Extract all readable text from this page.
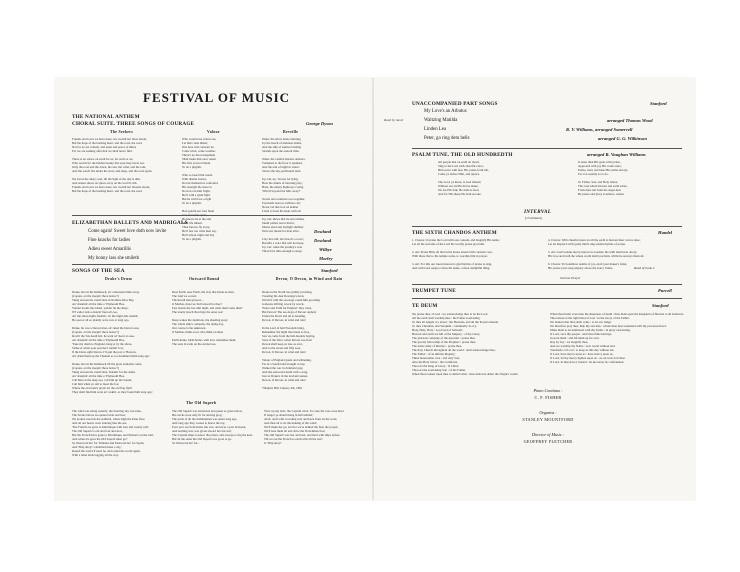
FESTIVAL OF MUSIC
THE NATIONAL ANTHEM
CHORAL SUITE. THREE SONGS OF COURAGE	George Dyson
The Seekers	Valour	Reveille
Friends and loves we have none, nor wealth nor blest abode,
But the hope of the burning heart, and the road, the road.
Not for us are content, and quiet and peace of mind,
For we are seeking after that we shall never find.

There is no solace on earth for us, for such as we,
Who search for the hidden beauty that eyes may never see.
Only the road and the dawn, the sun, the wind, and the rain,
And the watch fire under the stars, and sleep, and the road again.

We travel the dusty road, till the light of the day is dim,
And sunset shows us spires away on the world's rim.
Friends and loves we have none, nor wealth nor blessed abode,
But the hope of the burning heart, and the road, the road.
Who would true valour see,
Let him come hither;
One here will constant be,
Come wind, come weather.
There's no discouragement
Shall make him once relent
His first avowed intent
To be a pilgrim.

Who so beset him round
With dismal stories,
Do but themselves confound,
His strength the more is.
No lion can him fright,
He'll with a giant fight,
But he will have a right
To be a pilgrim.

Hob-goblin nor foul fiend
Can daunt his spirit;
He knows he at the end
Shall life inherit.
Then fancies fly away,
He'll fear not what men say,
He'll labour night and day
To be a pilgrim.
Wake: the silver dusk returning
Up the beach of darkness brims,
And the ship of sunrise burning
Strands upon the eastern rims.

Wake: the vaulted shadow shatters,
Trampled to the floor it spanned,
And the tent of night in tatters
Straws the sky-pavilioned land.

Up, lad, up, 'tis late for lying;
Hear the drums of morning play;
Hark, the empty highways crying
'Who'll beyond the hills away?'

Towns and countries woo together,
Forelands beacon, belfries call;
Never lad that trod on leather
Lived to feast his heart with all.

Up, lad: thews that lie and cumber
Sunlit pallets never thrive;
Morns abed and daylight slumber
Were not meant for man alive.

Clay lies still, but blood's a rover;
Breath's a ware that will not keep.
Up, lad: when the journey's over
There'll be time enough to sleep.
ELIZABETHAN BALLETS AND MADRIGALS
Come again! Sweet love doth now invite	Dowland
Fine knacks for ladies	Dowland
Adieu sweet Amarillis	Wilbye
My bonny lass she smileth	Morley
SONGS OF THE SEA	Stanford
Drake's Drum	Outward Bound	Devon, O Devon, in Wind and Rain
Drake, he's in his hammock, an' a thousand mile away,
(Capten, art tha sleepin' there below?)
Slung atween the round shot in Nombre Dios Bay,
An' dreamin' all the time o' Plymouth Hoe.
Yonder looms the island, yonder lie the ships,
Wi' sailor lads a-dancin' heel-an'-toe,
An' the shore-lights flashin', an' the night-tide dashin',
He sees et all so plainly as he saw et long ago.

Drake, he was a Devon man, an' ruled the Devon seas,
(Capten, art tha sleepin' there below?)
Rovin' tho' his death fell, he went wi' heart at ease,
An' dreamin' all the time o' Plymouth Hoe.
'Take my drum to England, hang et by the shore,
Strike et when your powder's runnin' low;
If the Dons sight Devon, I'll quit the port o' Heaven,
An' drum them up the Channel as we drummed them long ago.'

Drake, he's in his hammock till the great Armadas come,
(Capten, art tha sleepin' there below?)
Slung atween the round shot, listenin' for the drum,
An' dreamin' all the time o' Plymouth Hoe.
Call him on the deep sea, call him up the Sound,
Call him when ye sail to meet the foe;
Where the old trade's plyin' an' the old flag flyin'
They shall find him ware an' wakin', as they found him long ago!
Dear Earth, near Earth, the clay that made us men,
The land we sowed,
The hearth that glowed—
O Mother, must we bid farewell to thee?
Fast dawns the last dim night, and what shall come then?
The lonely beach that rings the outer sea!

Deep wakes the deathrole, the sheeting spray
The whole ship's company, the dying day,
Our course is the unknown.
O Mother, think on us who think on thee!

Earth-home, birth-home, with love remember them,
The sons in exile on the eternal sea.
Drake in the North Sea grimly prowling,
Treading his dear Revenge's deck,
Watch'd with the sea-dogs round him growling
Galleons drifting wreck by wreck.
'Fetter and Faith for Empire!' they cried,
But Devon! The sea-dogs of Devon replied;
Under the Devil and all as heading,
Devon, O Devon, in wind and rain!

In the Lord of hell Freedom bring,
Remember the night that made as free,
Saw us come from the hell-hounds baying,
Sons of the West, when Devon was free!
Devon shall keep us true as ever,
And to the seven and fifty seas,
Devon, O Devon, in wind and rain!

Valour of England gaunt and whitening,
Far in a South-land brought to bay,
Walked the war in Zululand gray,
And she answered death with a song,
Just as Drake's in the lowland sunset,
Devon, O Devon, in wind and rain!

*Majuba Hill, January 4th, 1881
The Old Superb
The wind was rising easterly, the morning sky was blue,
The Straits before us opened wide and free;
We looked towards the Admiral, where high the Peter flew,
And all our hearts were dancing like the sea.
'The French are gone to Martinique with four and twenty sail!
The Old Superb is old and foul and slow,
But the French have gone to Martinique, and Nelson's on the trail,
And where he goes the Old Superb must go!'
So Westward ho! for Trinidad and Eastward ho! for Spain,
And 'Ship ahoy!' a hundred times a day;
Round the world if need be, and round the world again,
With a lame duck lagging all the way.
The Old Superb was barnacled and green as grass below,
Her sticks were only fit for stirring grog;
The pride of all the midshipmen was silent long ago,
And long ago they ceased to heave the log.
Four year out from home she was, and ne'er a port between,
And nothing now was given aboard her but salt;
The Captain ships to know the prizes, and sweeps to dig the keel,
But all the same the Old Superb was good to go.
So Westward ho! for...
'Now up my lads,' the Captain cried, 'for sure the case were hard
If longer ye should hang in hell behind;'
Aloft, aloft with crowding sail, and back from on the ward,
And then all to do the making of the wind!
We'll make her go, and for we're behind the fleet the proper;
We'll beat them all and drive the Frenchman foul,
The Old Superb was last and best, and hard with ships before
Till we ran the French to earth with all the rest!
O 'Ship ahoy!'
UNACCOMPANIED PART SONGS	Stanford
Read by hand
My Love's an Arbutus
Waltzing Matilda	arranged Thomas Wood
Linden Lea	R. V. Williams, arranged Somervell
Peter, go ring dem bells	arranged G. G. Wilkinson
PSALM TUNE. THE OLD HUNDREDTH	arranged R. Vaughan Williams
All people that on earth do dwell,
Sing to the Lord with cheerful voice;
Him serve with fear, His praise forth tell,
Come ye before Him, and rejoice.

The Lord, ye know, is God indeed;
Without our aid He did us make;
We are His folk, He doth us feed,
And for His sheep He doth us take.
O enter then His gates with praise,
Approach with joy His courts unto;
Praise, laud, and bless His name always,
For it is seemly so to do.

To Father, Son, and Holy Ghost,
The God whom heaven and earth adore,
From men and from the angel-host
Be praise and glory evermore. Amen.
INTERVAL
(15 minutes)
THE SIXTH CHANDOS ANTHEM	Handel
1. Chorus: O praise the Lord with one consent, and magnify His name;
Let all the servants of the Lord his worthy praise proclaim.

2. Air: Praise Him, all that in his house attend with constant care,
With those that to his temple come, to worship him in prayer.

3. Air: For this our truest interest is glad hymns of praise to sing,
And with loud songs to bless his name, a most delightful thing.
4. Chorus: With cheerful notes let all the earth to heaven their voices raise;
Let all inspire'd with godly mirth sing solemn hymns of praise.

5. Air: God's tender mercy knows no bounds; his truth shall ne'er decay;
His love and truth the whole world shall proclaim, whilst he surveys them all.

6. Chorus: Ye boundless realms of joy, exalt your maker's fame;
His praise your song employ above the starry frame.	Read of book 2
Sermon Prayer
TRUMPET TUNE	Purcell
TE DEUM	Stanford
We praise thee, O God : we acknowledge thee to be the Lord.
All the earth doth worship thee : the Father everlasting.
To thee all Angels cry aloud : the Heavens, and all the Powers therein.
To thee Cherubin, and Seraphin : continually do cry,
Holy, Holy, Holy : Lord God of Sabaoth;
Heaven and earth are full of the Majesty : of thy Glory.
The glorious company of the Apostles : praise thee.
The goodly fellowship of the Prophets : praise thee.
The noble army of Martyrs : praise thee.
The holy Church throughout all the world : doth acknowledge thee;
The Father : of an infinite Majesty;
Thine honourable, true : and only Son;
Also the Holy Ghost : the Comforter.
Thou art the King of Glory : O Christ.
Thou art the everlasting Son : of the Father.
When thou tookest upon thee to deliver man : thou didst not abhor the Virgin's womb.
When thou hadst overcome the sharpness of death : thou didst open the Kingdom of Heaven to all believers.
Thou sittest at the right hand of God : in the Glory of the Father.
We believe that thou shalt come : to be our Judge.
We therefore pray thee, help thy servants : whom thou hast redeemed with thy precious blood.
Make them to be numbered with thy Saints : in glory everlasting.
O Lord, save thy people : and bless thine heritage.
Govern them : and lift them up for ever.
Day by day : we magnify thee;
And we worship thy Name : ever world without end.
Vouchsafe, O Lord : to keep us this day without sin.
O Lord, have mercy upon us : have mercy upon us.
O Lord, let thy mercy lighten upon us : as our trust is in thee.
O Lord, in thee have I trusted : let me never be confounded.
Piano Continuo :
C. F. FISHER
Organist :
STANLEY MOUNTFORD
Director of Music :
GEOFFREY FLETCHER
